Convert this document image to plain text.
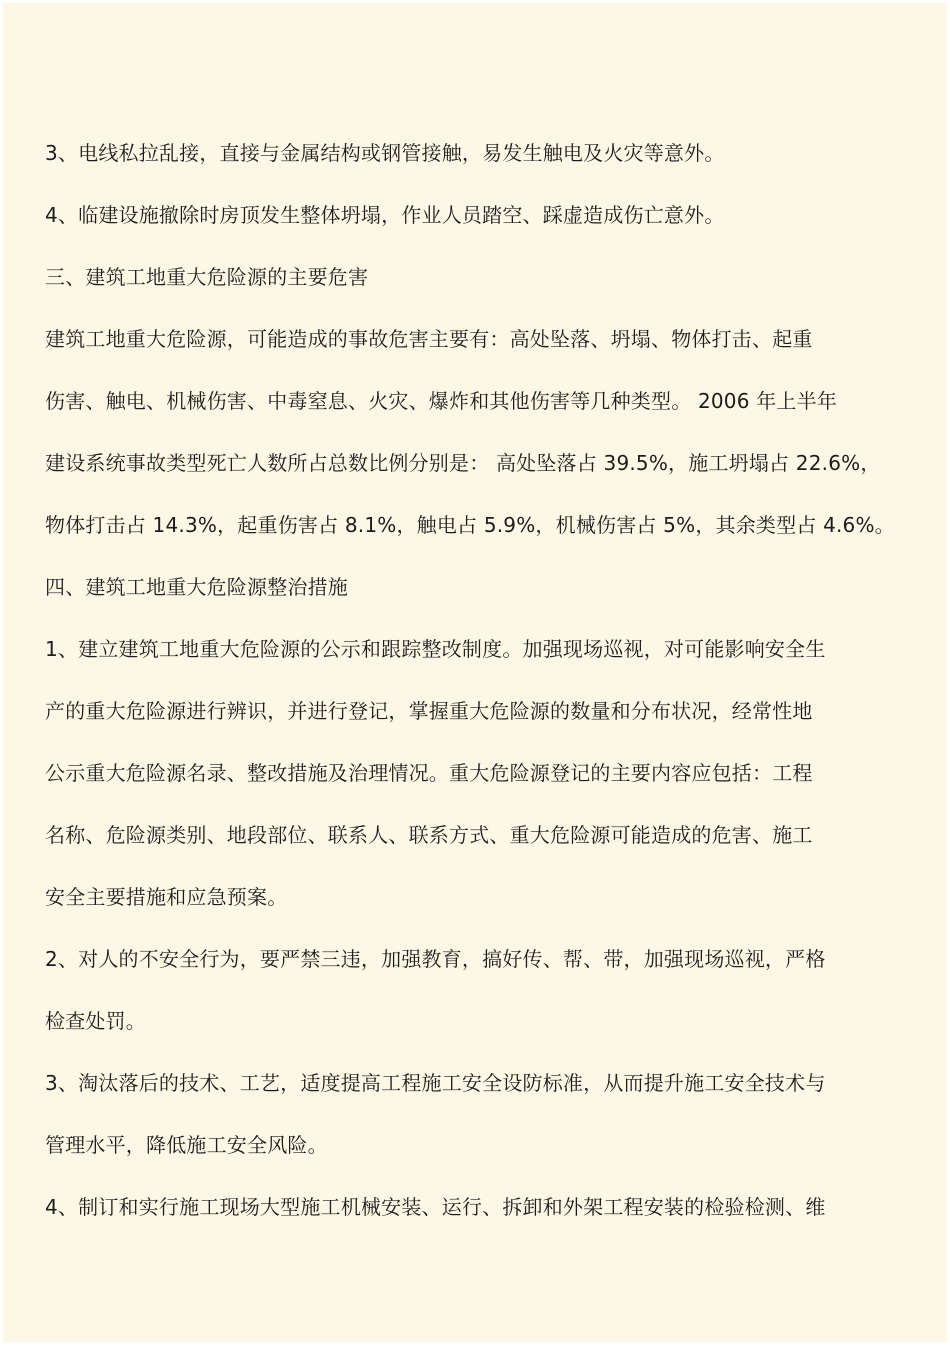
3、电线私拉乱接，直接与金属结构或钢管接触，易发生触电及火灾等意外。
4、临建设施撤除时房顶发生整体坍塌，作业人员踏空、踩虚造成伤亡意外。
三、建筑工地重大危险源的主要危害
建筑工地重大危险源，可能造成的事故危害主要有：高处坠落、坍塌、物体打击、起重
伤害、触电、机械伤害、中毒窒息、火灾、爆炸和其他伤害等几种类型。 2006 年上半年
建设系统事故类型死亡人数所占总数比例分别是： 高处坠落占 39.5%，施工坍塌占 22.6%，
物体打击占 14.3%，起重伤害占 8.1%，触电占 5.9%，机械伤害占 5%，其余类型占 4.6%。
四、建筑工地重大危险源整治措施
1、建立建筑工地重大危险源的公示和跟踪整改制度。加强现场巡视，对可能影响安全生
产的重大危险源进行辨识，并进行登记，掌握重大危险源的数量和分布状况，经常性地
公示重大危险源名录、整改措施及治理情况。重大危险源登记的主要内容应包括：工程
名称、危险源类别、地段部位、联系人、联系方式、重大危险源可能造成的危害、施工
安全主要措施和应急预案。
2、对人的不安全行为，要严禁三违，加强教育，搞好传、帮、带，加强现场巡视，严格
检查处罚。
3、淘汰落后的技术、工艺，适度提高工程施工安全设防标准，从而提升施工安全技术与
管理水平，降低施工安全风险。
4、制订和实行施工现场大型施工机械安装、运行、拆卸和外架工程安装的检验检测、维
